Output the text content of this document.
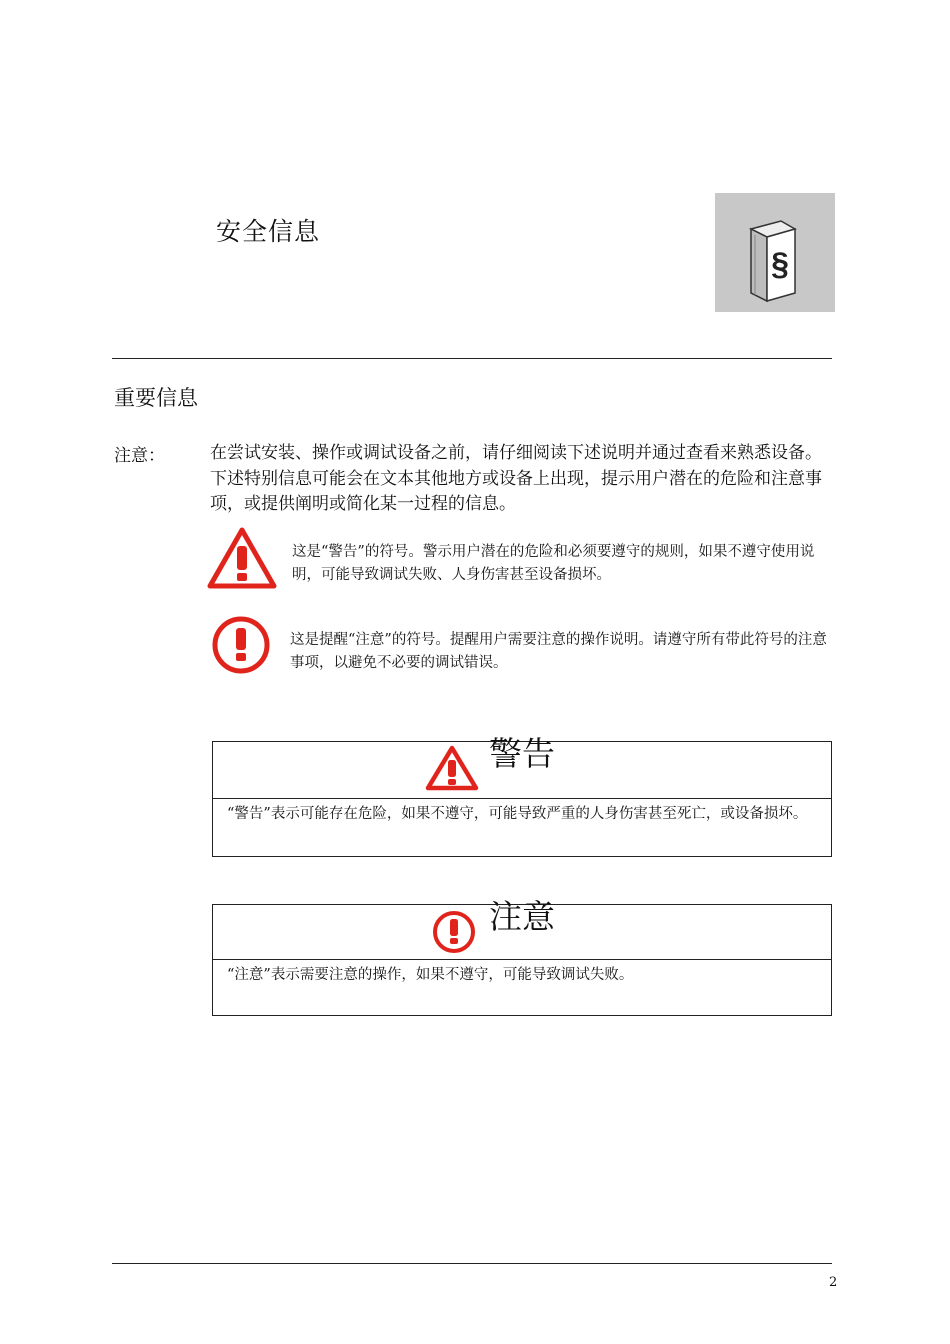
安全信息
§
重要信息
注意：	在尝试安装、操作或调试设备之前，请仔细阅读下述说明并通过查看来熟悉设备。下述特别信息可能会在文本其他地方或设备上出现，提示用户潜在的危险和注意事项，或提供阐明或简化某一过程的信息。
这是“警告”的符号。警示用户潜在的危险和必须要遵守的规则，如果不遵守使用说明，可能导致调试失败、人身伤害甚至设备损坏。
这是提醒“注意”的符号。提醒用户需要注意的操作说明。请遵守所有带此符号的注意事项，以避免不必要的调试错误。
警告
“警告”表示可能存在危险，如果不遵守，可能导致严重的人身伤害甚至死亡，或设备损坏。
注意
“注意”表示需要注意的操作，如果不遵守，可能导致调试失败。
2
